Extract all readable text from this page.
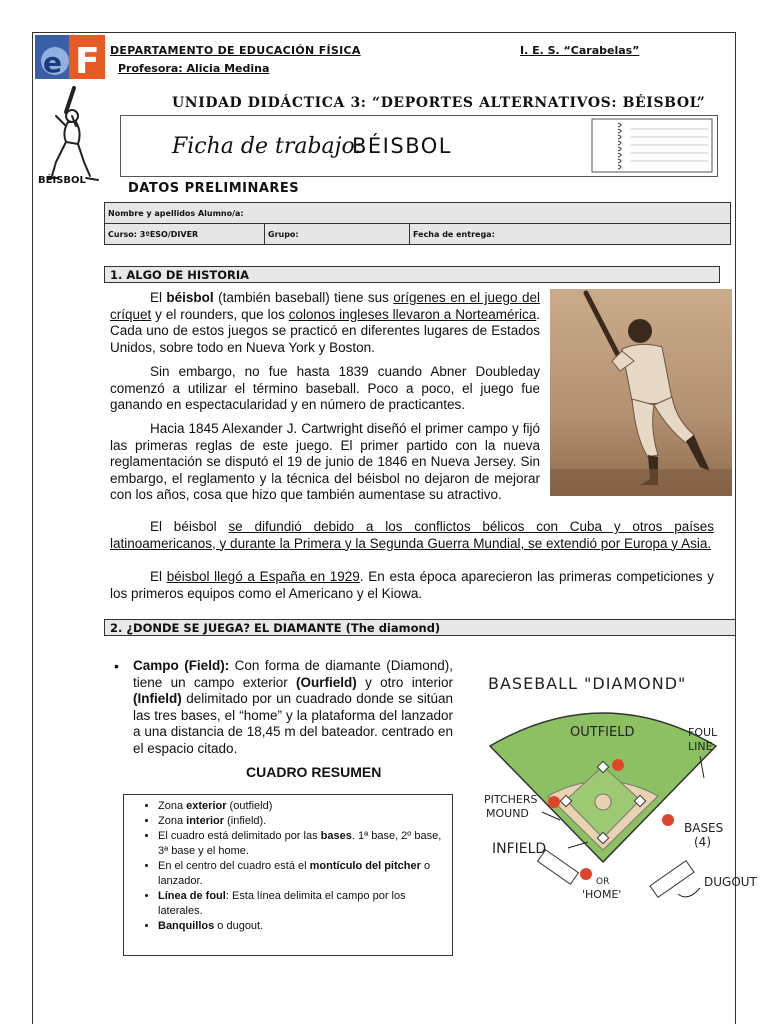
e F DEPARTAMENTO DE EDUCACIÓN FÍSICA	I. E. S. “Carabelas”
Profesora: Alicia Medina
BÉISBOL
UNIDAD DIDÁCTICA 3: “DEPORTES ALTERNATIVOS: BÉISBOL”
Ficha de trabajo:
BÉISBOL
DATOS PRELIMINARES
Nombre y apellidos Alumno/a:
Curso: 3ºESO/DIVER	Grupo:	Fecha de entrega:
1. ALGO DE HISTORIA
El béisbol (también baseball) tiene sus orígenes en el juego del críquet y el rounders, que los colonos ingleses llevaron a Norteamérica. Cada uno de estos juegos se practicó en diferentes lugares de Estados Unidos, sobre todo en Nueva York y Boston.
Sin embargo, no fue hasta 1839 cuando Abner Doubleday comenzó a utilizar el término baseball. Poco a poco, el juego fue ganando en espectacularidad y en número de practicantes.
Hacia 1845 Alexander J. Cartwright diseñó el primer campo y fijó las primeras reglas de este juego. El primer partido con la nueva reglamentación se disputó el 19 de junio de 1846 en Nueva Jersey. Sin embargo, el reglamento y la técnica del béisbol no dejaron de mejorar con los años, cosa que hizo que también aumentase su atractivo.
El béisbol se difundió debido a los conflictos bélicos con Cuba y otros países latinoamericanos, y durante la Primera y la Segunda Guerra Mundial, se extendió por Europa y Asia.
El béisbol llegó a España en 1929. En esta época aparecieron las primeras competiciones y los primeros equipos como el Americano y el Kiowa.
2. ¿DONDE SE JUEGA? EL DIAMANTE (The diamond)
• Campo (Field): Con forma de diamante (Diamond), tiene un campo exterior (Ourfield) y otro interior (Infield) delimitado por un cuadrado donde se sitúan las tres bases, el “home” y la plataforma del lanzador a una distancia de 18,45 m del bateador. centrado en el espacio citado.
CUADRO RESUMEN
• Zona exterior (outfield)
• Zona interior (infield).
• El cuadro está delimitado por las bases. 1ª base, 2º base, 3ª base y el home.
• En el centro del cuadro está el montículo del pitcher o lanzador.
• Línea de foul: Esta línea delimita el campo por los laterales.
• Banquillos o dugout.
BASEBALL "DIAMOND"
OUTFIELD	FOUL
LINE
PITCHERS
MOUND
INFIELD
BASES
(4)
OR
'HOME'
DUGOUT
